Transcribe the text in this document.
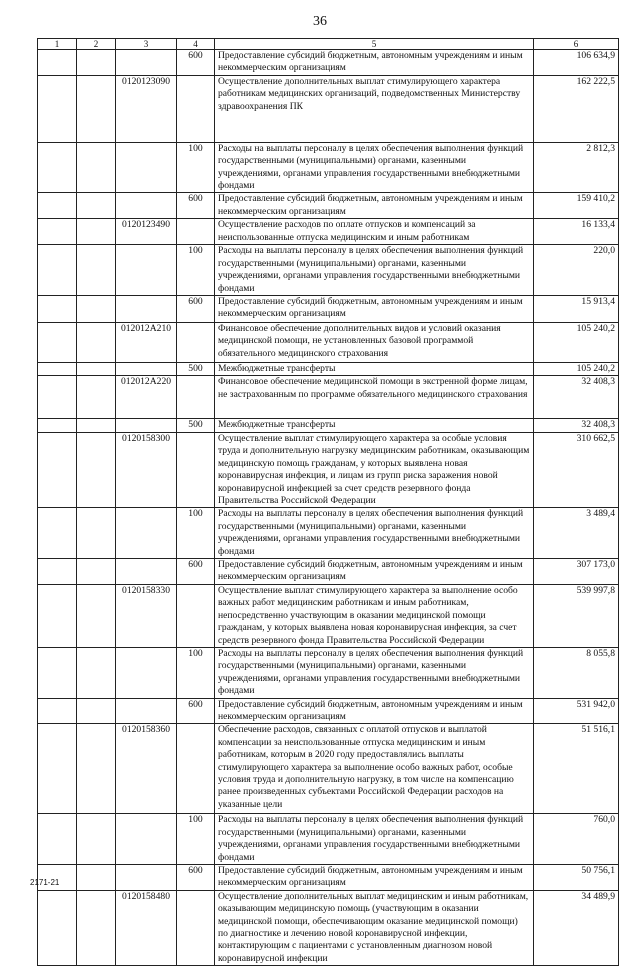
36
1	2	3	4	5	6
			600	Предоставление субсидий бюджетным, автономным учреждениям и иным некоммерческим организациям	106 634,9
		0120123090		Осуществление дополнительных выплат стимулирующего характера работникам медицинских организаций, подведомственных Министерству здравоохранения ПК	162 222,5
			100	Расходы на выплаты персоналу в целях обеспечения выполнения функций государственными (муниципальными) органами, казенными учреждениями, органами управления государственными внебюджетными фондами	2 812,3
			600	Предоставление субсидий бюджетным, автономным учреждениям и иным некоммерческим организациям	159 410,2
		0120123490		Осуществление расходов по оплате отпусков и компенсаций за неиспользованные отпуска медицинским и иным работникам	16 133,4
			100	Расходы на выплаты персоналу в целях обеспечения выполнения функций государственными (муниципальными) органами, казенными учреждениями, органами управления государственными внебюджетными фондами	220,0
			600	Предоставление субсидий бюджетным, автономным учреждениям и иным некоммерческим организациям	15 913,4
		012012А210		Финансовое обеспечение дополнительных видов и условий оказания медицинской помощи, не установленных базовой программой обязательного медицинского страхования	105 240,2
			500	Межбюджетные трансферты	105 240,2
		012012А220		Финансовое обеспечение медицинской помощи в экстренной форме лицам, не застрахованным по программе обязательного медицинского страхования	32 408,3
			500	Межбюджетные трансферты	32 408,3
		0120158300		Осуществление выплат стимулирующего характера за особые условия труда и дополнительную нагрузку медицинским работникам, оказывающим медицинскую помощь гражданам, у которых выявлена новая коронавирусная инфекция, и лицам из групп риска заражения новой коронавирусной инфекцией за счет средств резервного фонда Правительства Российской Федерации	310 662,5
			100	Расходы на выплаты персоналу в целях обеспечения выполнения функций государственными (муниципальными) органами, казенными учреждениями, органами управления государственными внебюджетными фондами	3 489,4
			600	Предоставление субсидий бюджетным, автономным учреждениям и иным некоммерческим организациям	307 173,0
		0120158330		Осуществление выплат стимулирующего характера за выполнение особо важных работ медицинским работникам и иным работникам, непосредственно участвующим в оказании медицинской помощи гражданам, у которых выявлена новая коронавирусная инфекция, за счет средств резервного фонда Правительства Российской Федерации	539 997,8
			100	Расходы на выплаты персоналу в целях обеспечения выполнения функций государственными (муниципальными) органами, казенными учреждениями, органами управления государственными внебюджетными фондами	8 055,8
			600	Предоставление субсидий бюджетным, автономным учреждениям и иным некоммерческим организациям	531 942,0
		0120158360		Обеспечение расходов, связанных с оплатой отпусков и выплатой компенсации за неиспользованные отпуска медицинским и иным работникам, которым в 2020 году предоставлялись выплаты стимулирующего характера за выполнение особо важных работ, особые условия труда и дополнительную нагрузку, в том числе на компенсацию ранее произведенных субъектами Российской Федерации расходов на указанные цели	51 516,1
			100	Расходы на выплаты персоналу в целях обеспечения выполнения функций государственными (муниципальными) органами, казенными учреждениями, органами управления государственными внебюджетными фондами	760,0
			600	Предоставление субсидий бюджетным, автономным учреждениям и иным некоммерческим организациям	50 756,1
		0120158480		Осуществление дополнительных выплат медицинским и иным работникам, оказывающим медицинскую помощь (участвующим в оказании медицинской помощи, обеспечивающим оказание медицинской помощи) по диагностике и лечению новой коронавирусной инфекции, контактирующим с пациентами с установленным диагнозом новой коронавирусной инфекции	34 489,9
2171-21
